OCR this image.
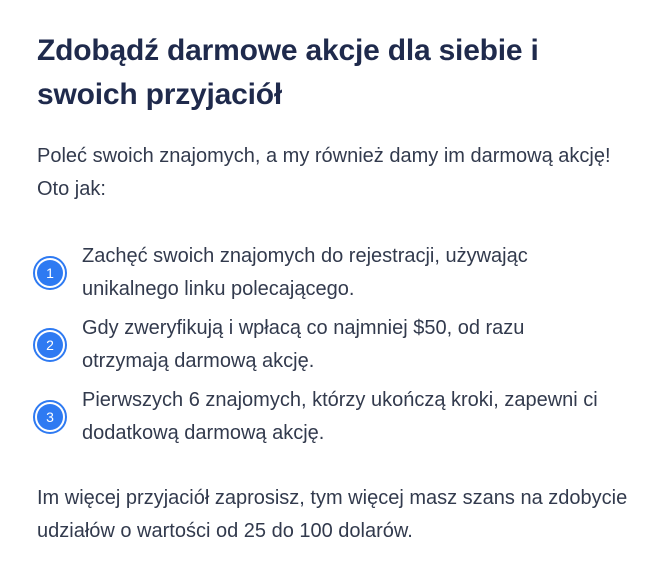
Zdobądź darmowe akcje dla siebie i swoich przyjaciół

Poleć swoich znajomych, a my również damy im darmową akcję! Oto jak:

1
Zachęć swoich znajomych do rejestracji, używając unikalnego linku polecającego.
2
Gdy zweryfikują i wpłacą co najmniej $50, od razu otrzymają darmową akcję.
3
Pierwszych 6 znajomych, którzy ukończą kroki, zapewni ci dodatkową darmową akcję.

Im więcej przyjaciół zaprosisz, tym więcej masz szans na zdobycie udziałów o wartości od 25 do 100 dolarów.
